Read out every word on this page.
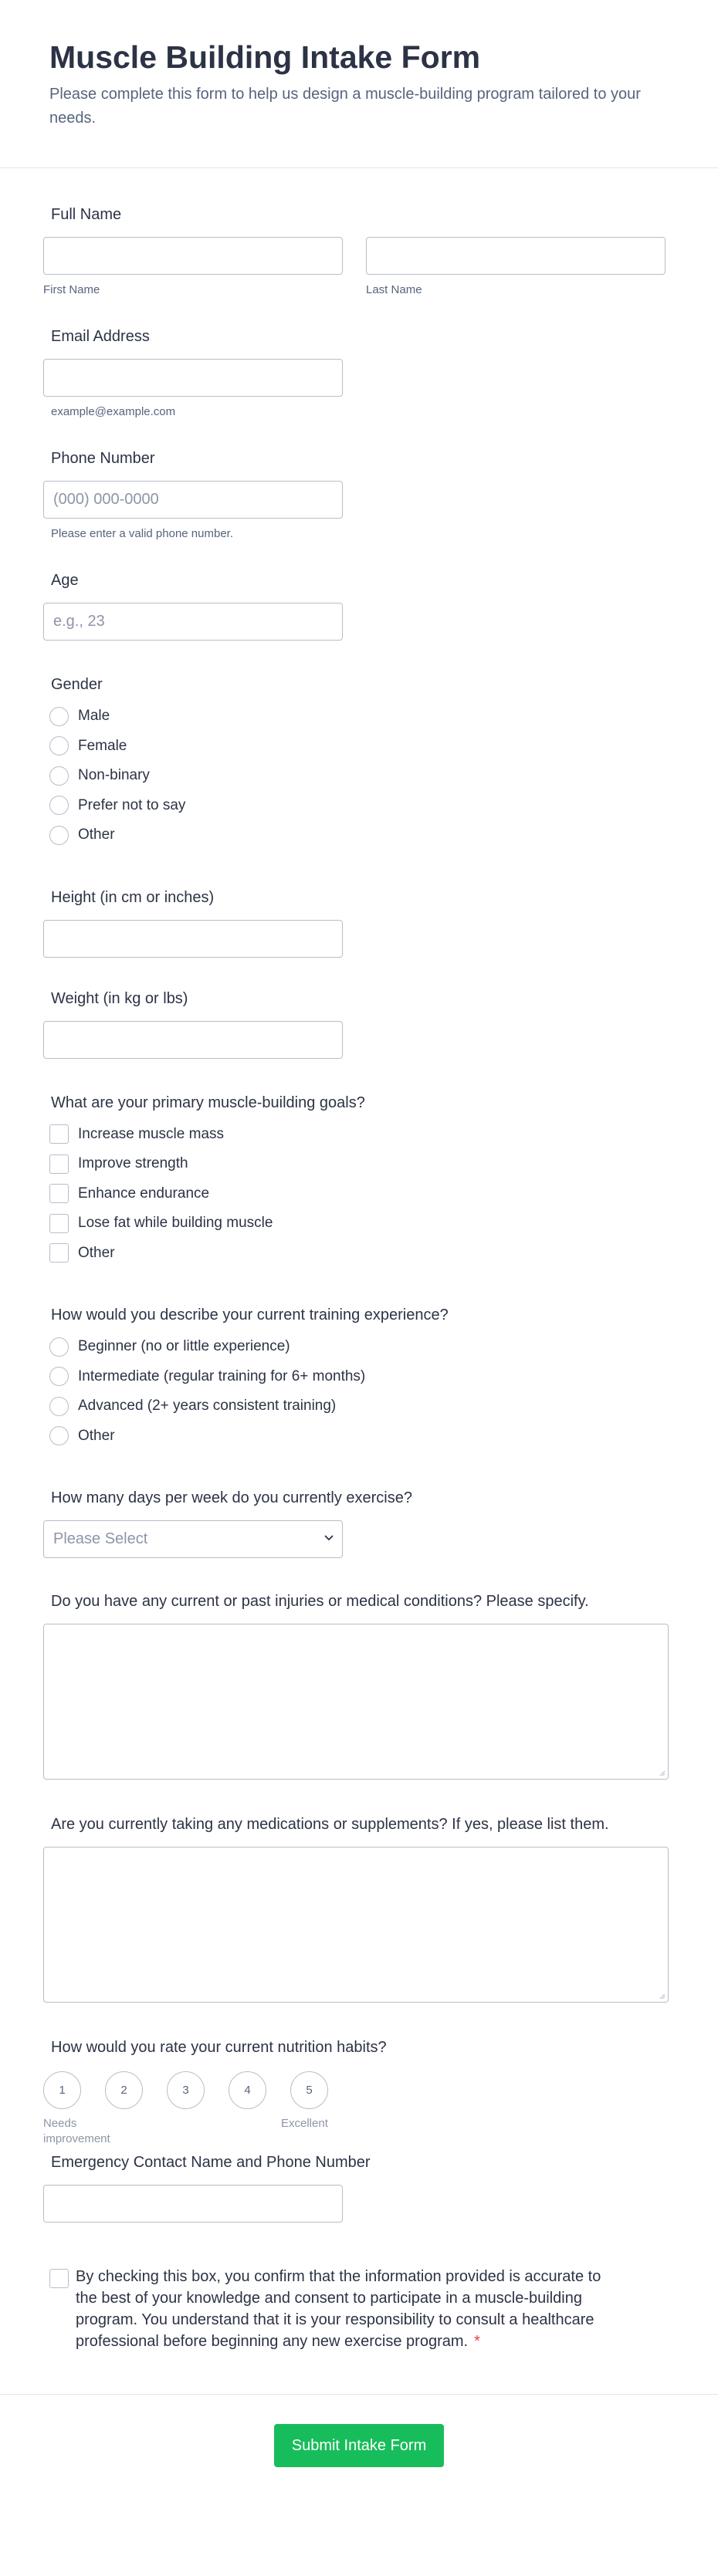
Muscle Building Intake Form

Please complete this form to help us design a muscle-building program tailored to your needs.

Full Name
First Name	Last Name
Email Address
example@example.com
Phone Number
(000) 000-0000
Please enter a valid phone number.
Age
e.g., 23
Gender
Male
Female
Non-binary
Prefer not to say
Other
Height (in cm or inches)
Weight (in kg or lbs)
What are your primary muscle-building goals?
Increase muscle mass
Improve strength
Enhance endurance
Lose fat while building muscle
Other
How would you describe your current training experience?
Beginner (no or little experience)
Intermediate (regular training for 6+ months)
Advanced (2+ years consistent training)
Other
How many days per week do you currently exercise?
Please Select
Do you have any current or past injuries or medical conditions? Please specify.
Are you currently taking any medications or supplements? If yes, please list them.
How would you rate your current nutrition habits?
1
Needs improvement
2	3	4	5
Excellent
Emergency Contact Name and Phone Number
By checking this box, you confirm that the information provided is accurate to the best of your knowledge and consent to participate in a muscle-building program. You understand that it is your responsibility to consult a healthcare professional before beginning any new exercise program. *
Submit Intake Form
